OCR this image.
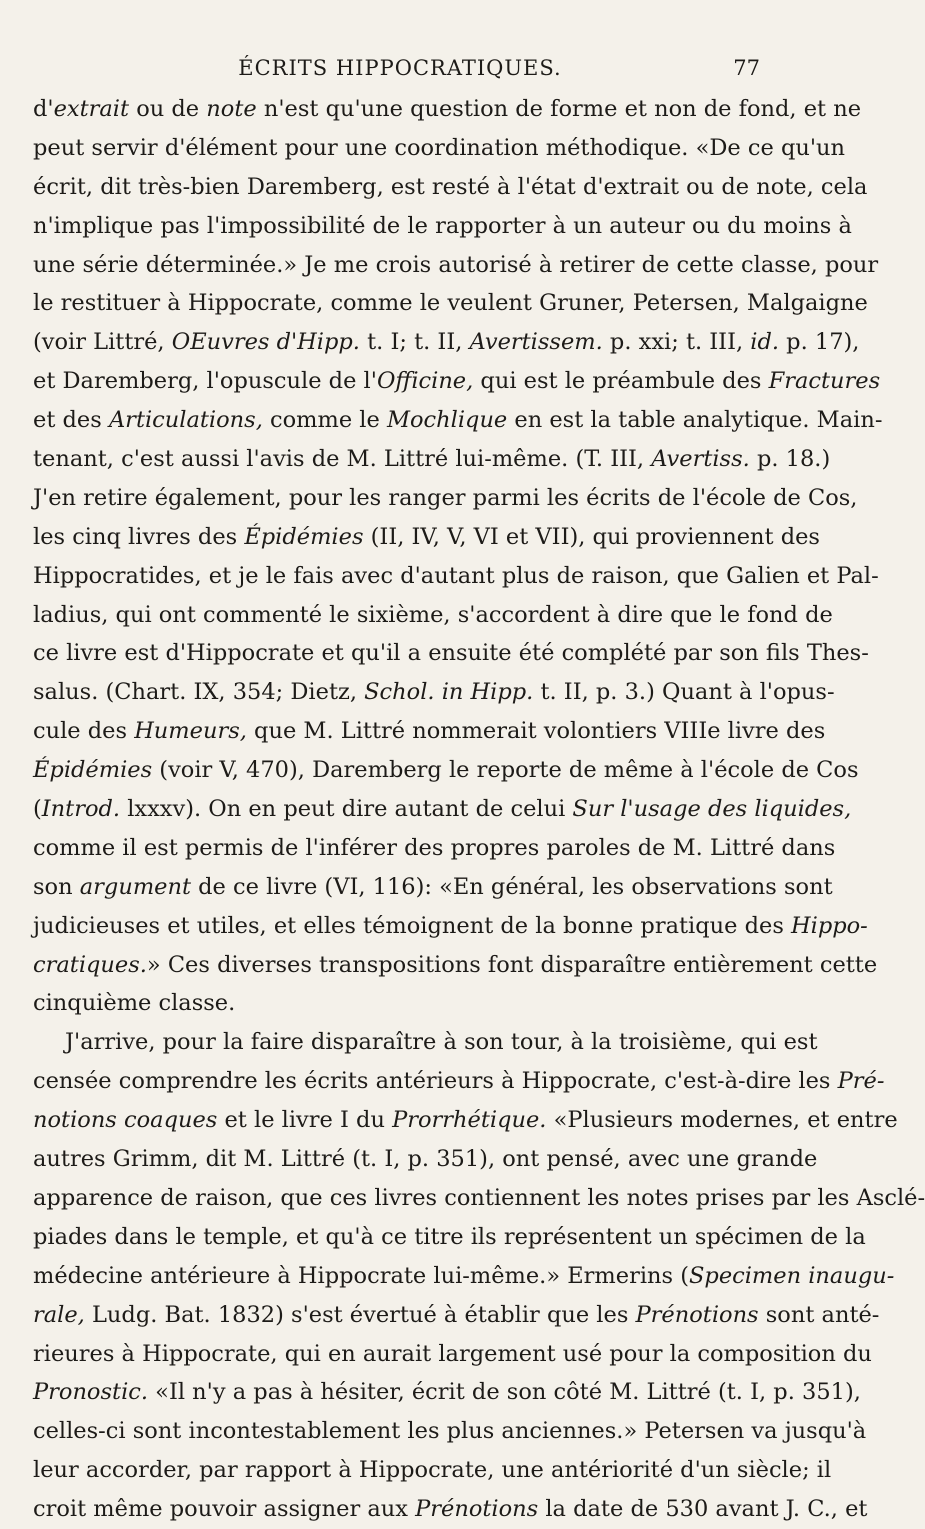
ÉCRITS HIPPOCRATIQUES.	77
d'extrait ou de note n'est qu'une question de forme et non de fond, et ne
peut servir d'élément pour une coordination méthodique. «De ce qu'un
écrit, dit très-bien Daremberg, est resté à l'état d'extrait ou de note, cela
n'implique pas l'impossibilité de le rapporter à un auteur ou du moins à
une série déterminée.» Je me crois autorisé à retirer de cette classe, pour
le restituer à Hippocrate, comme le veulent Gruner, Petersen, Malgaigne
(voir Littré, OEuvres d'Hipp. t. I; t. II, Avertissem. p. xxi; t. III, id. p. 17),
et Daremberg, l'opuscule de l'Officine, qui est le préambule des Fractures
et des Articulations, comme le Mochlique en est la table analytique. Main-
tenant, c'est aussi l'avis de M. Littré lui-même. (T. III, Avertiss. p. 18.)
J'en retire également, pour les ranger parmi les écrits de l'école de Cos,
les cinq livres des Épidémies (II, IV, V, VI et VII), qui proviennent des
Hippocratides, et je le fais avec d'autant plus de raison, que Galien et Pal-
ladius, qui ont commenté le sixième, s'accordent à dire que le fond de
ce livre est d'Hippocrate et qu'il a ensuite été complété par son fils Thes-
salus. (Chart. IX, 354; Dietz, Schol. in Hipp. t. II, p. 3.) Quant à l'opus-
cule des Humeurs, que M. Littré nommerait volontiers VIIIe livre des
Épidémies (voir V, 470), Daremberg le reporte de même à l'école de Cos
(Introd. lxxxv). On en peut dire autant de celui Sur l'usage des liquides,
comme il est permis de l'inférer des propres paroles de M. Littré dans
son argument de ce livre (VI, 116): «En général, les observations sont
judicieuses et utiles, et elles témoignent de la bonne pratique des Hippo-
cratiques.» Ces diverses transpositions font disparaître entièrement cette
cinquième classe.
J'arrive, pour la faire disparaître à son tour, à la troisième, qui est
censée comprendre les écrits antérieurs à Hippocrate, c'est-à-dire les Pré-
notions coaques et le livre I du Prorrhétique. «Plusieurs modernes, et entre
autres Grimm, dit M. Littré (t. I, p. 351), ont pensé, avec une grande
apparence de raison, que ces livres contiennent les notes prises par les Asclé-
piades dans le temple, et qu'à ce titre ils représentent un spécimen de la
médecine antérieure à Hippocrate lui-même.» Ermerins (Specimen inaugu-
rale, Ludg. Bat. 1832) s'est évertué à établir que les Prénotions sont anté-
rieures à Hippocrate, qui en aurait largement usé pour la composition du
Pronostic. «Il n'y a pas à hésiter, écrit de son côté M. Littré (t. I, p. 351),
celles-ci sont incontestablement les plus anciennes.» Petersen va jusqu'à
leur accorder, par rapport à Hippocrate, une antériorité d'un siècle; il
croit même pouvoir assigner aux Prénotions la date de 530 avant J. C., et
